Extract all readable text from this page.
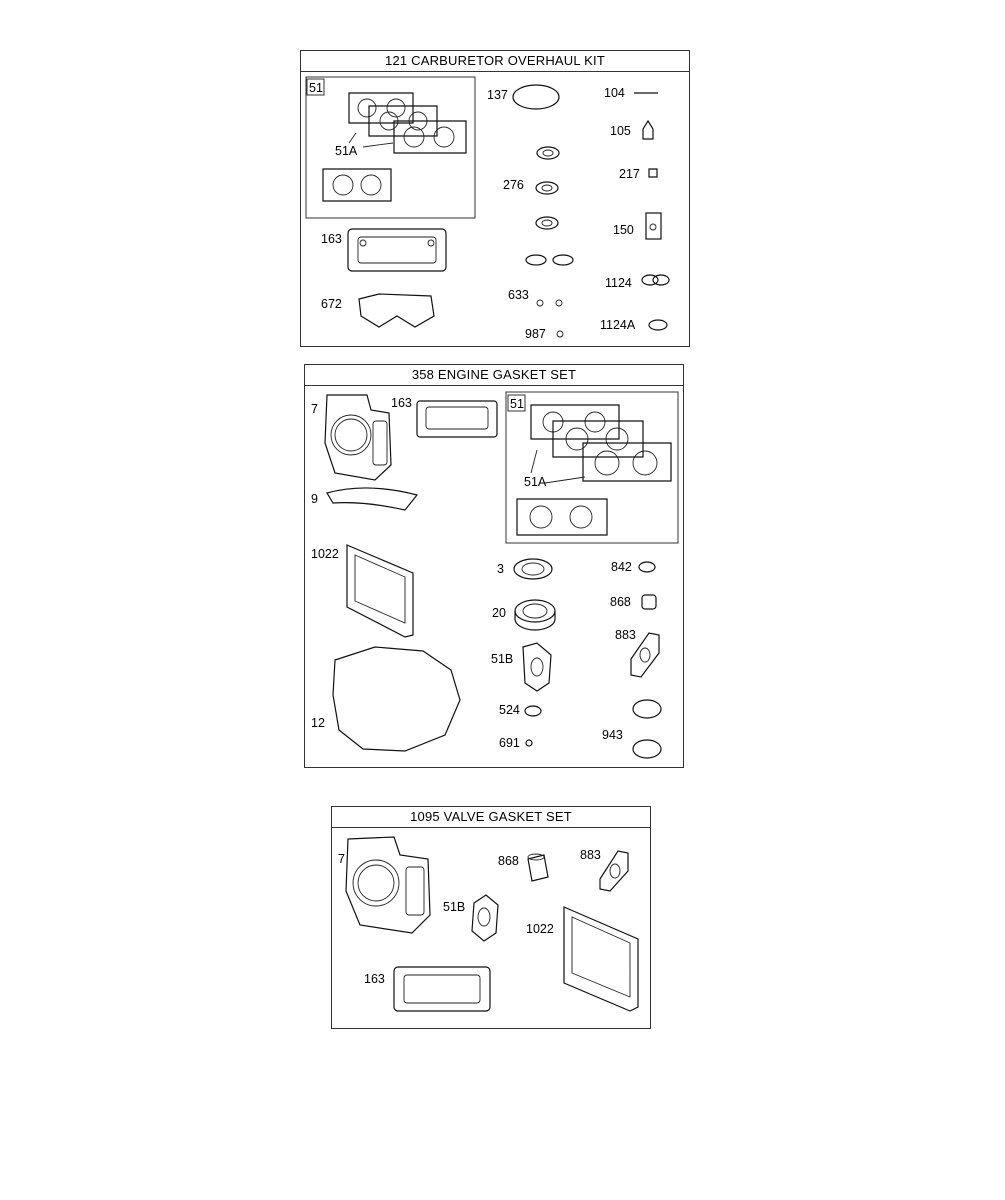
121 CARBURETOR OVERHAUL KIT
51
51A
163
672
137
276
633
987
104
105
217
150
1124
1124A
358 ENGINE GASKET SET
7	163
9
1022
12
51
51A
3
20
51B
524
691
842
868
883
943
1095 VALVE GASKET SET
7	868	883
51B
1022
163
